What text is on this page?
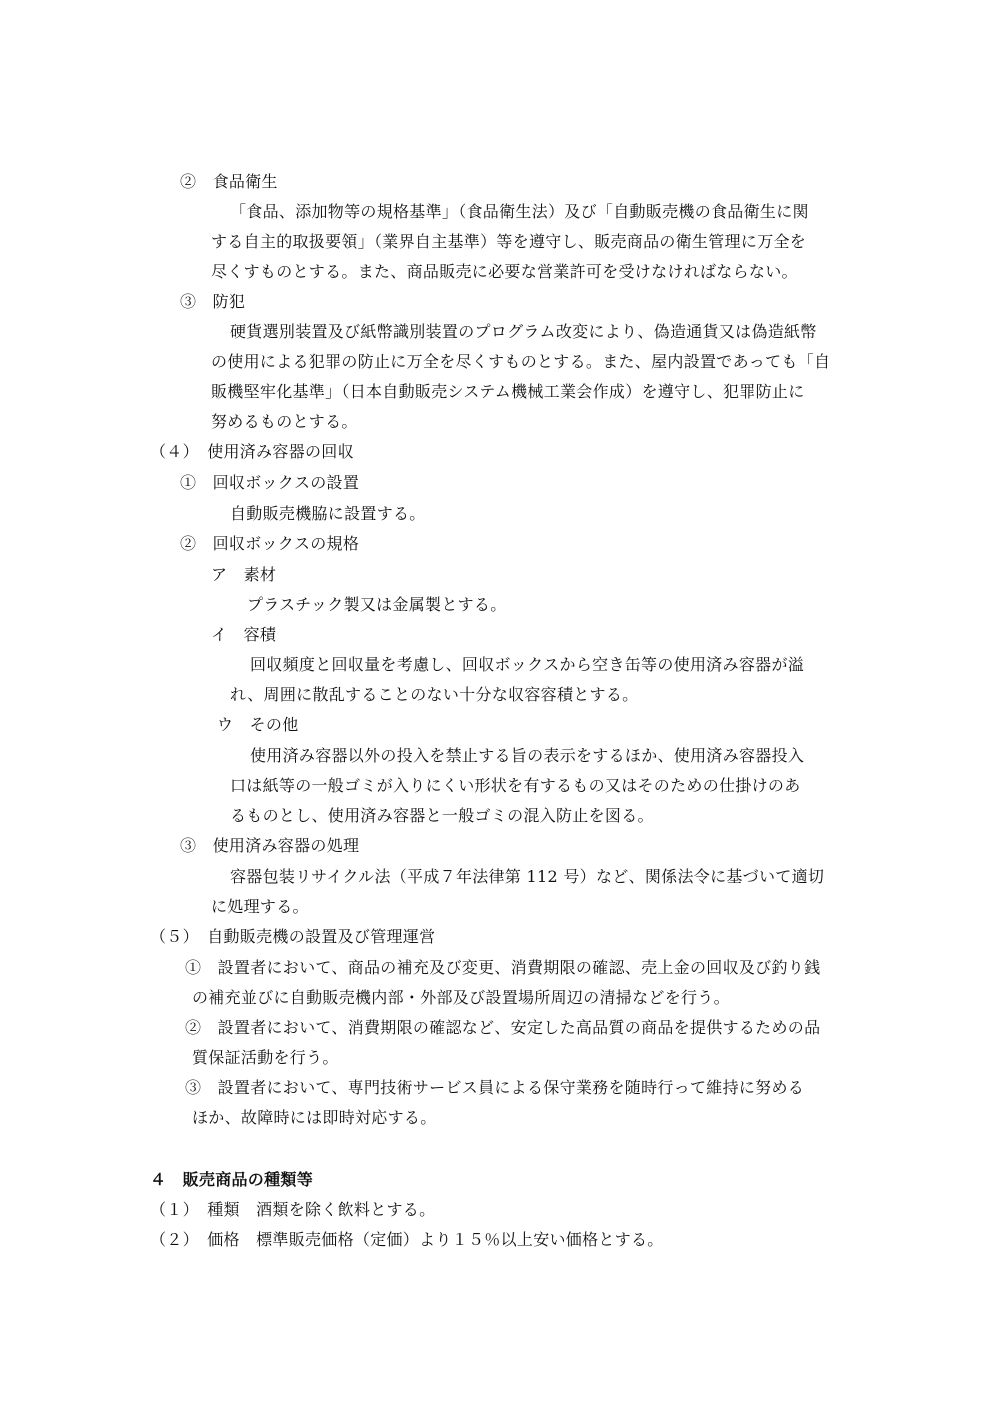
②　食品衛生
「食品、添加物等の規格基準」（食品衛生法）及び「自動販売機の食品衛生に関
する自主的取扱要領」（業界自主基準）等を遵守し、販売商品の衛生管理に万全を
尽くすものとする。また、商品販売に必要な営業許可を受けなければならない。
③　防犯
硬貨選別装置及び紙幣識別装置のプログラム改変により、偽造通貨又は偽造紙幣
の使用による犯罪の防止に万全を尽くすものとする。また、屋内設置であっても「自
販機堅牢化基準」（日本自動販売システム機械工業会作成）を遵守し、犯罪防止に
努めるものとする。
（４）　使用済み容器の回収
①　回収ボックスの設置
自動販売機脇に設置する。
②　回収ボックスの規格
ア　素材
プラスチック製又は金属製とする。
イ　容積
回収頻度と回収量を考慮し、回収ボックスから空き缶等の使用済み容器が溢
れ、周囲に散乱することのない十分な収容容積とする。
ウ　その他
使用済み容器以外の投入を禁止する旨の表示をするほか、使用済み容器投入
口は紙等の一般ゴミが入りにくい形状を有するもの又はそのための仕掛けのあ
るものとし、使用済み容器と一般ゴミの混入防止を図る。
③　使用済み容器の処理
容器包装リサイクル法（平成７年法律第 112 号）など、関係法令に基づいて適切
に処理する。
（５）　自動販売機の設置及び管理運営
①　設置者において、商品の補充及び変更、消費期限の確認、売上金の回収及び釣り銭
の補充並びに自動販売機内部・外部及び設置場所周辺の清掃などを行う。
②　設置者において、消費期限の確認など、安定した高品質の商品を提供するための品
質保証活動を行う。
③　設置者において、専門技術サービス員による保守業務を随時行って維持に努める
ほか、故障時には即時対応する。
４　販売商品の種類等
（１）　種類　酒類を除く飲料とする。
（２）　価格　標準販売価格（定価）より１５％以上安い価格とする。
